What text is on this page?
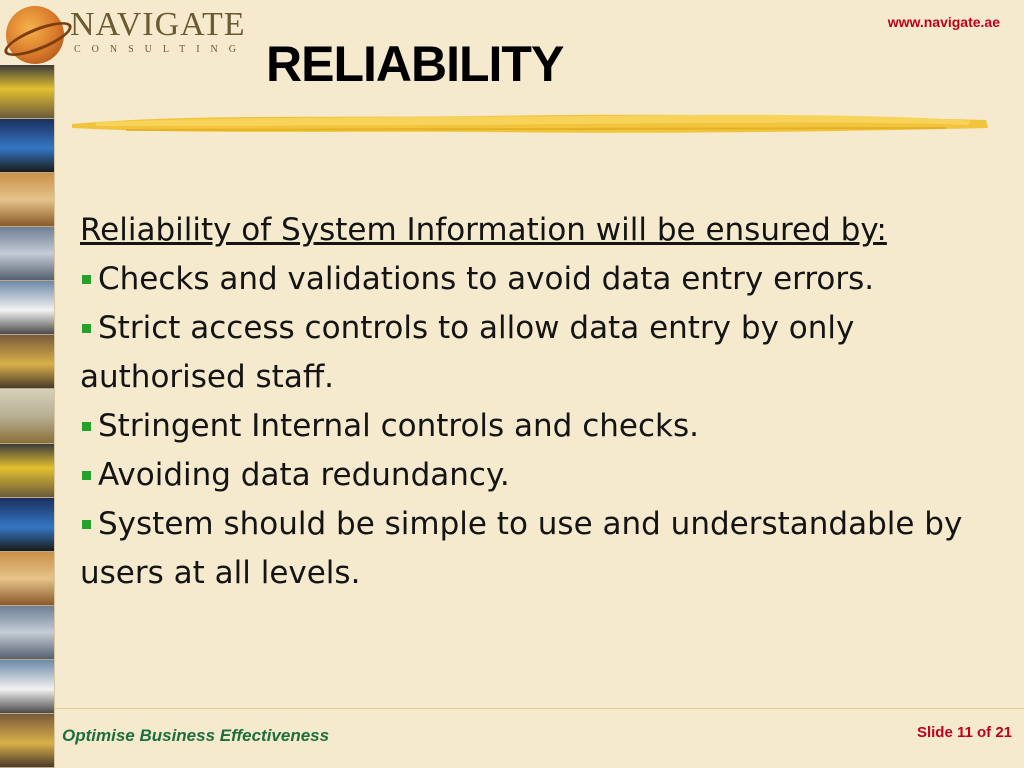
NAVIGATE
CONSULTING
www.navigate.ae
RELIABILITY
Reliability of System Information will be ensured by:
Checks and validations to avoid data entry errors.
Strict access controls to allow data entry by only authorised staff.
Stringent Internal controls and checks.
Avoiding data redundancy.
System should be simple to use and understandable by users at all levels.
Optimise Business Effectiveness	Slide 11 of 21
